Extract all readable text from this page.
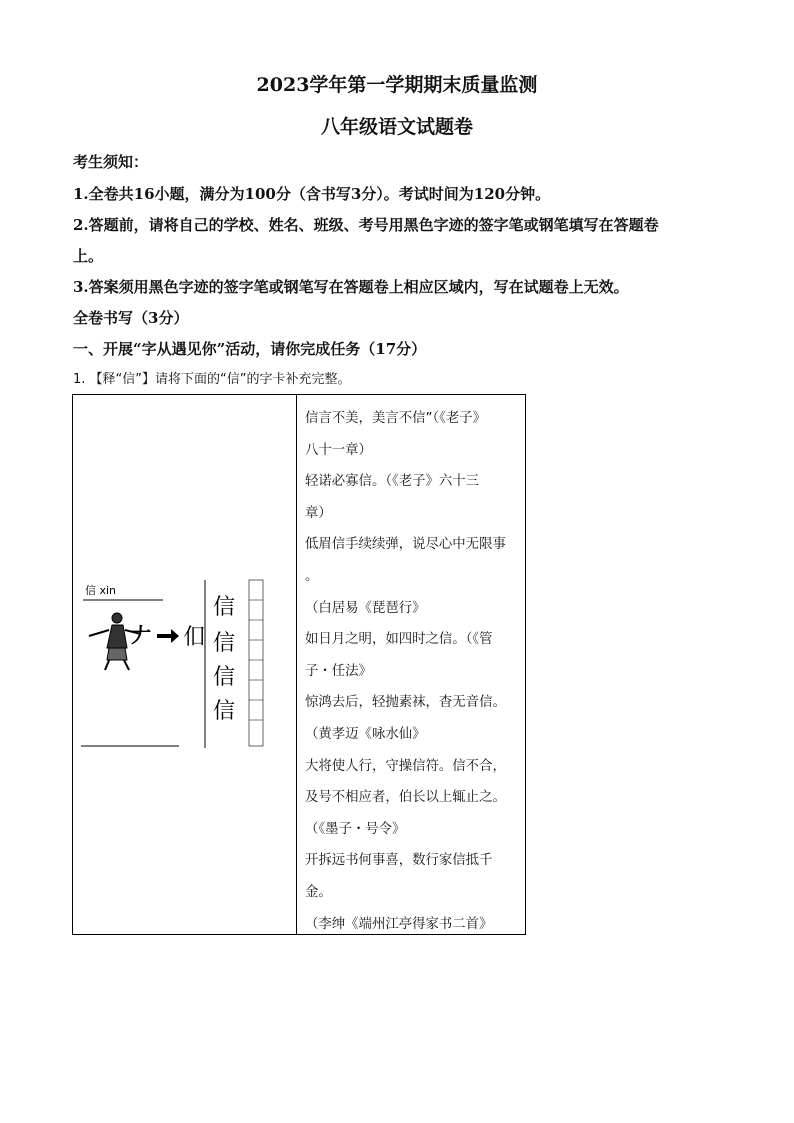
2023学年第一学期期末质量监测
八年级语文试题卷
考生须知：
1.全卷共16小题，满分为100分（含书写3分）。考试时间为120分钟。
2.答题前，请将自己的学校、姓名、班级、考号用黑色字迹的签字笔或钢笔填写在答题卷
上。
3.答案须用黑色字迹的签字笔或钢笔写在答题卷上相应区域内，写在试题卷上无效。
全卷书写（3分）
一、开展“字从遇见你”活动，请你完成任务（17分）
1. 【释“信”】请将下面的“信”的字卡补充完整。
信 xin
𠂇 㐰
信
信
信
信
信言不美，美言不信”（《老子》
八十一章）
轻诺必寡信。（《老子》六十三
章）
低眉信手续续弹，说尽心中无限事
。
（白居易《琵琶行》
如日月之明，如四时之信。（《管
子・任法》
惊鸿去后，轻抛素袜，杳无音信。
（黄孝迈《咏水仙》
大将使人行，守操信符。信不合，
及号不相应者，伯长以上辄止之。
（《墨子・号令》
开拆远书何事喜，数行家信抵千
金。
（李绅《端州江亭得家书二首》
